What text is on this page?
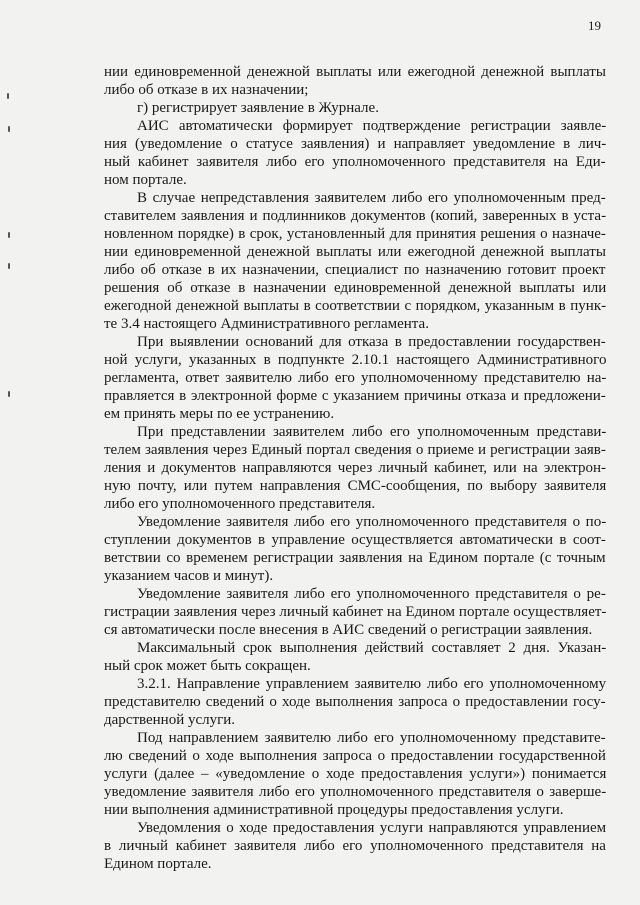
19
нии единовременной денежной выплаты или ежегодной денежной выплаты
либо об отказе в их назначении;
г) регистрирует заявление в Журнале.
АИС автоматически формирует подтверждение регистрации заявле-
ния (уведомление о статусе заявления) и направляет уведомление в лич-
ный кабинет заявителя либо его уполномоченного представителя на Еди-
ном портале.
В случае непредставления заявителем либо его уполномоченным пред-
ставителем заявления и подлинников документов (копий, заверенных в уста-
новленном порядке) в срок, установленный для принятия решения о назначе-
нии единовременной денежной выплаты или ежегодной денежной выплаты
либо об отказе в их назначении, специалист по назначению готовит проект
решения об отказе в назначении единовременной денежной выплаты или
ежегодной денежной выплаты в соответствии с порядком, указанным в пунк-
те 3.4 настоящего Административного регламента.
При выявлении оснований для отказа в предоставлении государствен-
ной услуги, указанных в подпункте 2.10.1 настоящего Административного
регламента, ответ заявителю либо его уполномоченному представителю на-
правляется в электронной форме с указанием причины отказа и предложени-
ем принять меры по ее устранению.
При представлении заявителем либо его уполномоченным представи-
телем заявления через Единый портал сведения о приеме и регистрации заяв-
ления и документов направляются через личный кабинет, или на электрон-
ную почту, или путем направления СМС-сообщения, по выбору заявителя
либо его уполномоченного представителя.
Уведомление заявителя либо его уполномоченного представителя о по-
ступлении документов в управление осуществляется автоматически в соот-
ветствии со временем регистрации заявления на Едином портале (с точным
указанием часов и минут).
Уведомление заявителя либо его уполномоченного представителя о ре-
гистрации заявления через личный кабинет на Едином портале осуществляет-
ся автоматически после внесения в АИС сведений о регистрации заявления.
Максимальный срок выполнения действий составляет 2 дня. Указан-
ный срок может быть сокращен.
3.2.1. Направление управлением заявителю либо его уполномоченному
представителю сведений о ходе выполнения запроса о предоставлении госу-
дарственной услуги.
Под направлением заявителю либо его уполномоченному представите-
лю сведений о ходе выполнения запроса о предоставлении государственной
услуги (далее – «уведомление о ходе предоставления услуги») понимается
уведомление заявителя либо его уполномоченного представителя о заверше-
нии выполнения административной процедуры предоставления услуги.
Уведомления о ходе предоставления услуги направляются управлением
в личный кабинет заявителя либо его уполномоченного представителя на
Едином портале.
